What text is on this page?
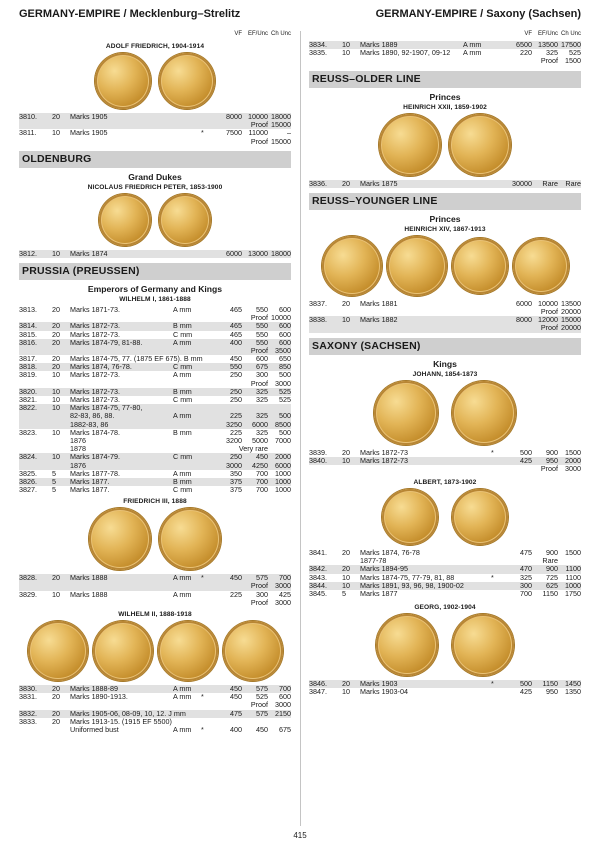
GERMANY-EMPIRE / Mecklenburg–Strelitz	GERMANY-EMPIRE / Saxony (Sachsen)
VF EF/Unc Ch Unc
ADOLF FRIEDRICH, 1904-1914
3810. 20 Marks 1905	8000 10000 18000
Proof 15000
3811. 10 Marks 1905	*	7500 11000	–
Proof 15000
OLDENBURG
Grand Dukes
NICOLAUS FRIEDRICH PETER, 1853-1900
3812. 10 Marks 1874	6000 13000 18000
PRUSSIA (PREUSSEN)
Emperors of Germany and Kings
WILHELM I, 1861-1888
3813. 20 Marks 1871-73.	A mm	465 550 600
Proof 10000
3814. 20 Marks 1872-73.	B mm	465 550 600
3815. 20 Marks 1872-73.	C mm	465 550 600
3816. 20 Marks 1874-79, 81-88.	A mm	400 550 600
Proof 3500
3817. 20 Marks 1874-75, 77. (1875 EF 675). B mm	450 600 650
3818. 20 Marks 1874, 76-78.	C mm	550 675 850
3819. 10 Marks 1872-73.	A mm	250 300 500
Proof 3000
3820. 10 Marks 1872-73.	B mm	250 325 525
3821. 10 Marks 1872-73.	C mm	250 325 525
3822. 10 Marks 1874-75, 77-80,
82-83, 86, 88.	A mm	225 325 500
1882-83, 86	3250 6000 8500
3823. 10 Marks 1874-78.	B mm	225 325 500
1876	3200 5000 7000
1878	Very rare
3824. 10 Marks 1874-79.	C mm	250 450 2000
1876	3000 4250 6000
3825. 5 Marks 1877-78.	A mm	350 700 1000
3826. 5 Marks 1877.	B mm	375 700 1000
3827. 5 Marks 1877.	C mm	375 700 1000
FRIEDRICH III, 1888
3828. 20 Marks 1888	A mm *	450 575 700
Proof 3000
3829. 10 Marks 1888	A mm	225 300 425
Proof 3000
WILHELM II, 1888-1918
3830. 20 Marks 1888-89	A mm	450 575 700
3831. 20 Marks 1890-1913.	A mm *	450 525 600
Proof 3000
3832. 20 Marks 1905-06, 08-09, 10, 12. J mm	475 575 2150
3833. 20 Marks 1913-15. (1915 EF 5500)
Uniformed bust	A mm *	400 450 675
VF EF/Unc Ch Unc
3834. 10 Marks 1889	A mm	6500 13500 17500
3835. 10 Marks 1890, 92-1907, 09-12 A mm	220 325 525
Proof 1500
REUSS–OLDER LINE
Princes
HEINRICH XXII, 1859-1902
3836. 20 Marks 1875	30000 Rare Rare
REUSS–YOUNGER LINE
Princes
HEINRICH XIV, 1867-1913
3837. 20 Marks 1881	6000 10000 13500
Proof 20000
3838. 10 Marks 1882	8000 12000 15000
Proof 20000
SAXONY (SACHSEN)
Kings
JOHANN, 1854-1873
3839. 20 Marks 1872-73	*	500 900 1500
3840. 10 Marks 1872-73	425 950 2000
Proof 3000
ALBERT, 1873-1902
3841. 20 Marks 1874, 76-78	475 900 1500
1877-78	Rare
3842. 20 Marks 1894-95	470 900 1100
3843. 10 Marks 1874-75, 77-79, 81, 88	*	325 725 1100
3844. 10 Marks 1891, 93, 96, 98, 1900-02	300 625 1000
3845. 5 Marks 1877	700 1150 1750
GEORG, 1902-1904
3846. 20 Marks 1903	*	500 1150 1450
3847. 10 Marks 1903-04	425 950 1350
415
